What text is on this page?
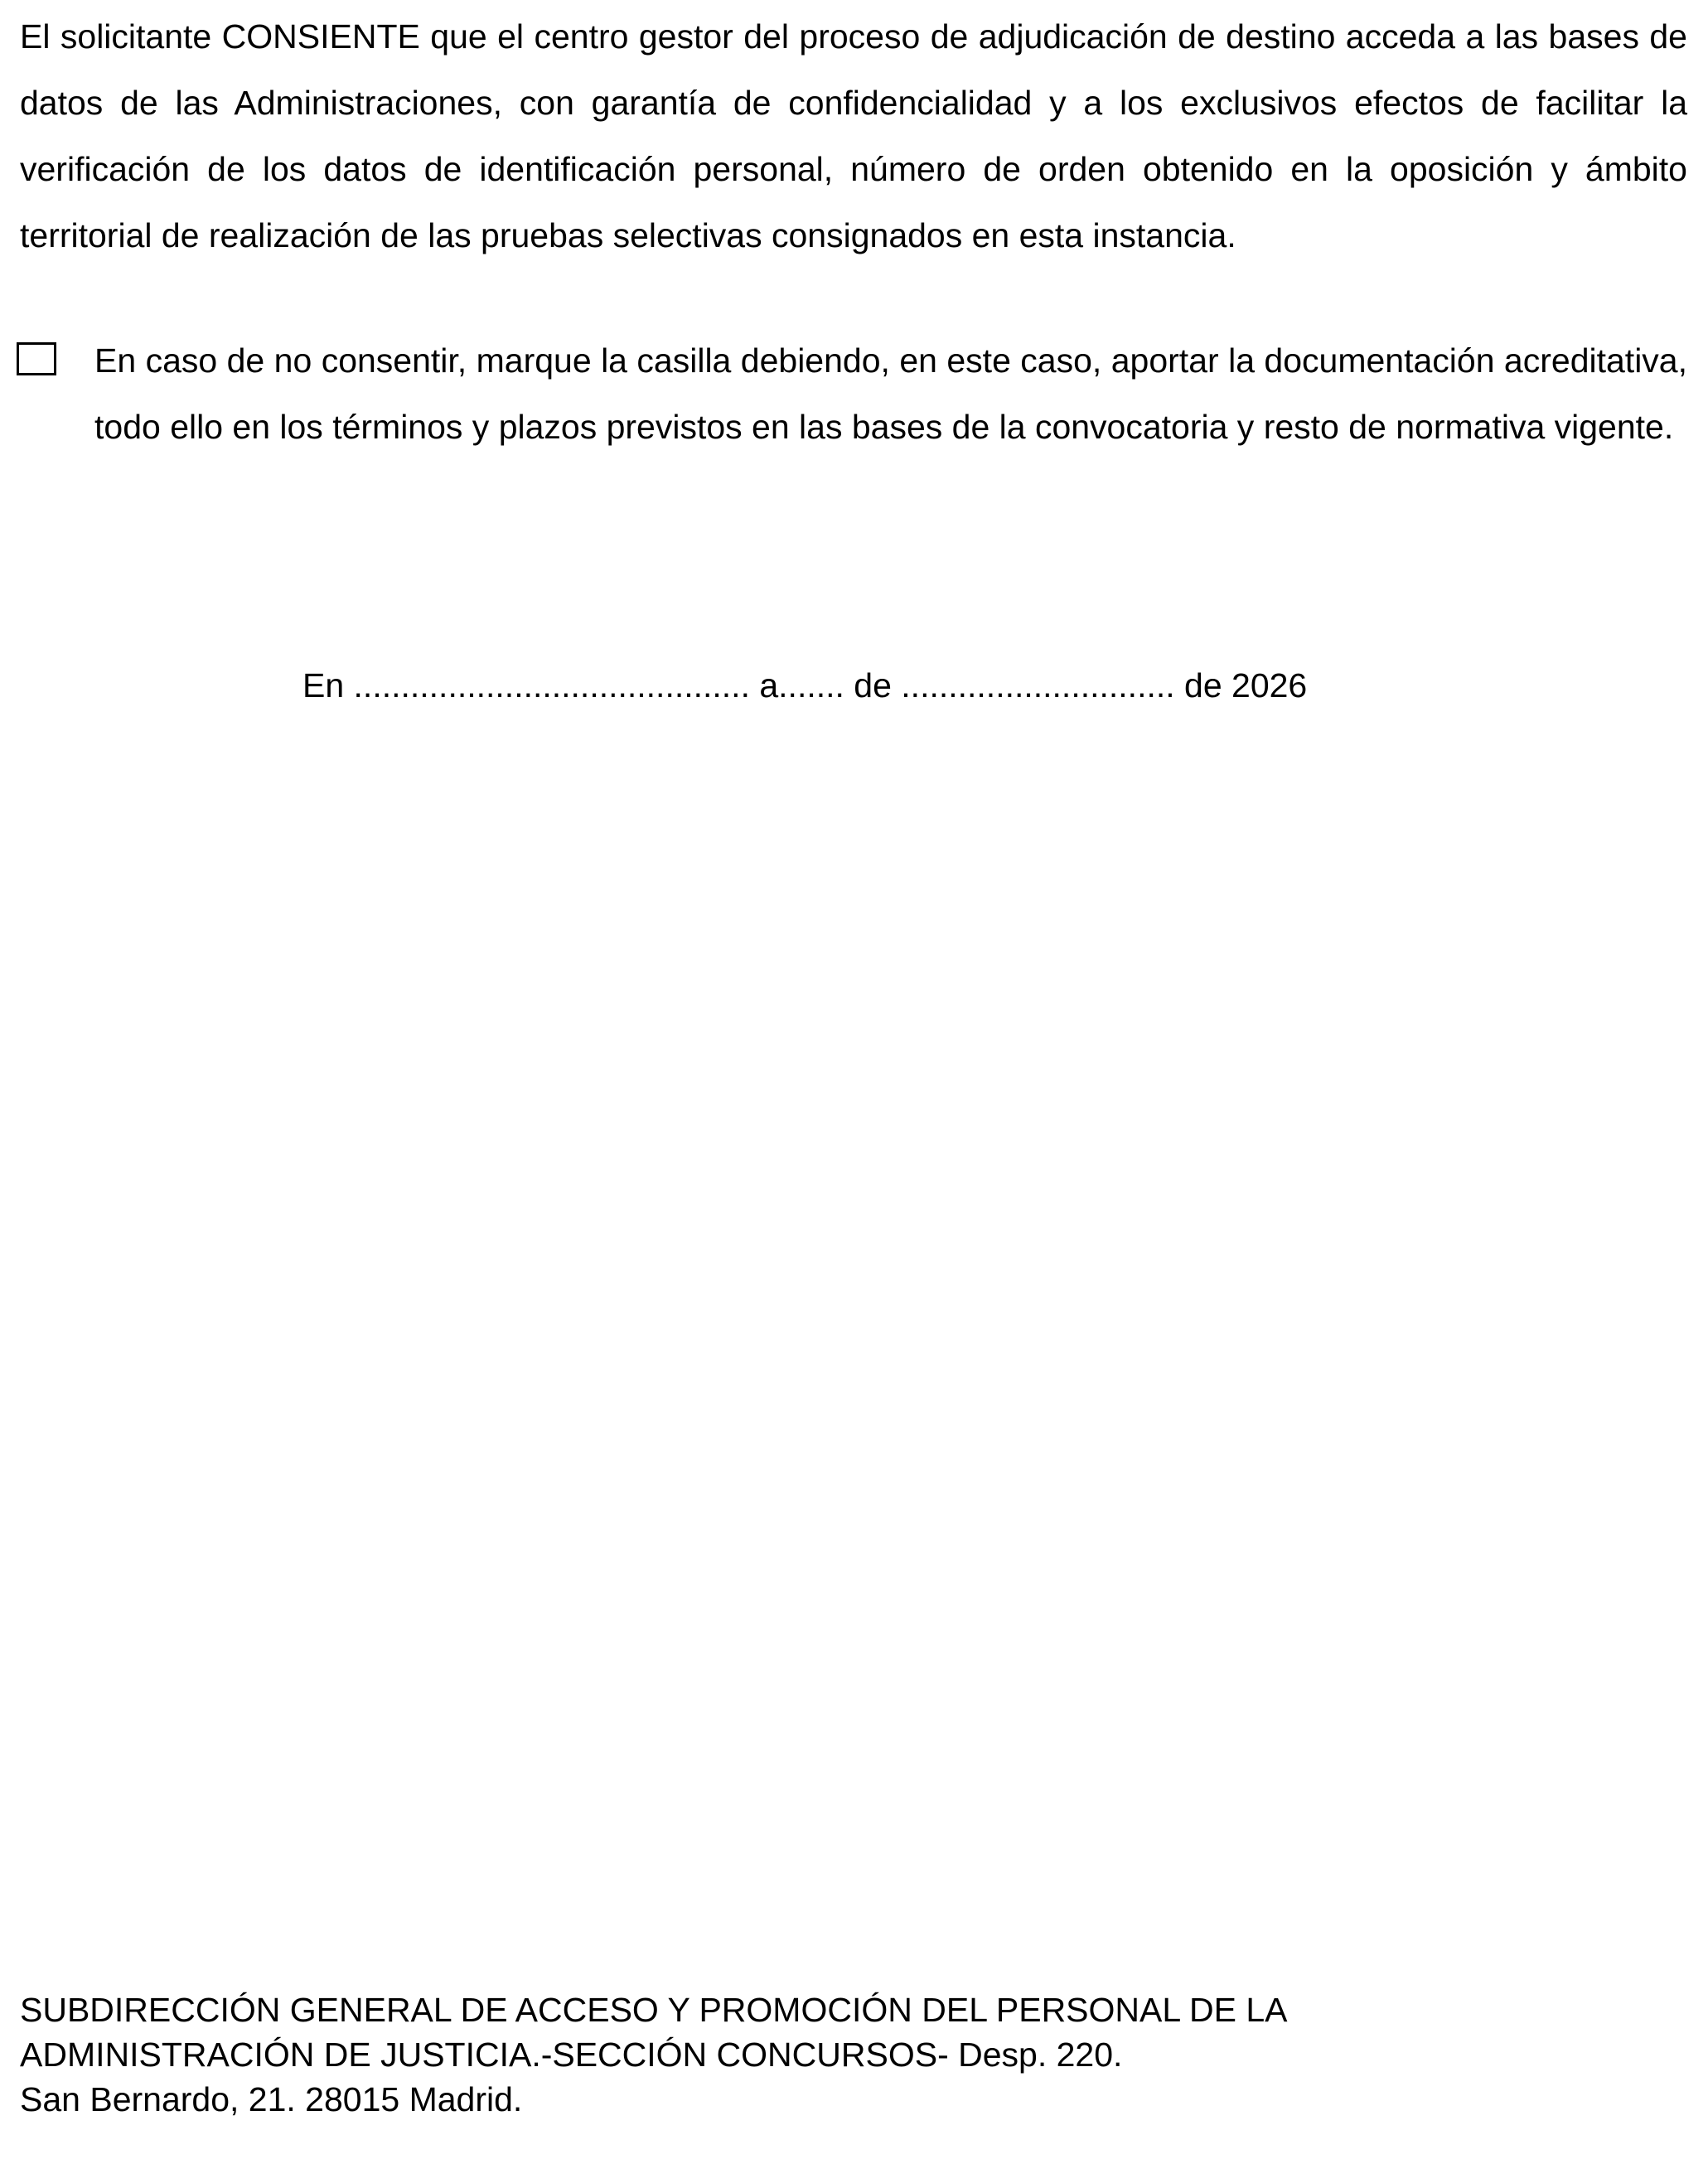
El solicitante CONSIENTE que el centro gestor del proceso de adjudicación de destino acceda a las bases de datos de las Administraciones, con garantía de confidencialidad y a los exclusivos efectos de facilitar la verificación de los datos de identificación personal, número de orden obtenido en la oposición y ámbito territorial de realización de las pruebas selectivas consignados en esta instancia.

En caso de no consentir, marque la casilla debiendo, en este caso, aportar la documentación acreditativa, todo ello en los términos y plazos previstos en las bases de la convocatoria y resto de normativa vigente.

En .......................................... a....... de ............................. de 2026

SUBDIRECCIÓN GENERAL DE ACCESO Y PROMOCIÓN DEL PERSONAL DE LA
ADMINISTRACIÓN DE JUSTICIA.-SECCIÓN CONCURSOS- Desp. 220.
San Bernardo, 21. 28015 Madrid.
